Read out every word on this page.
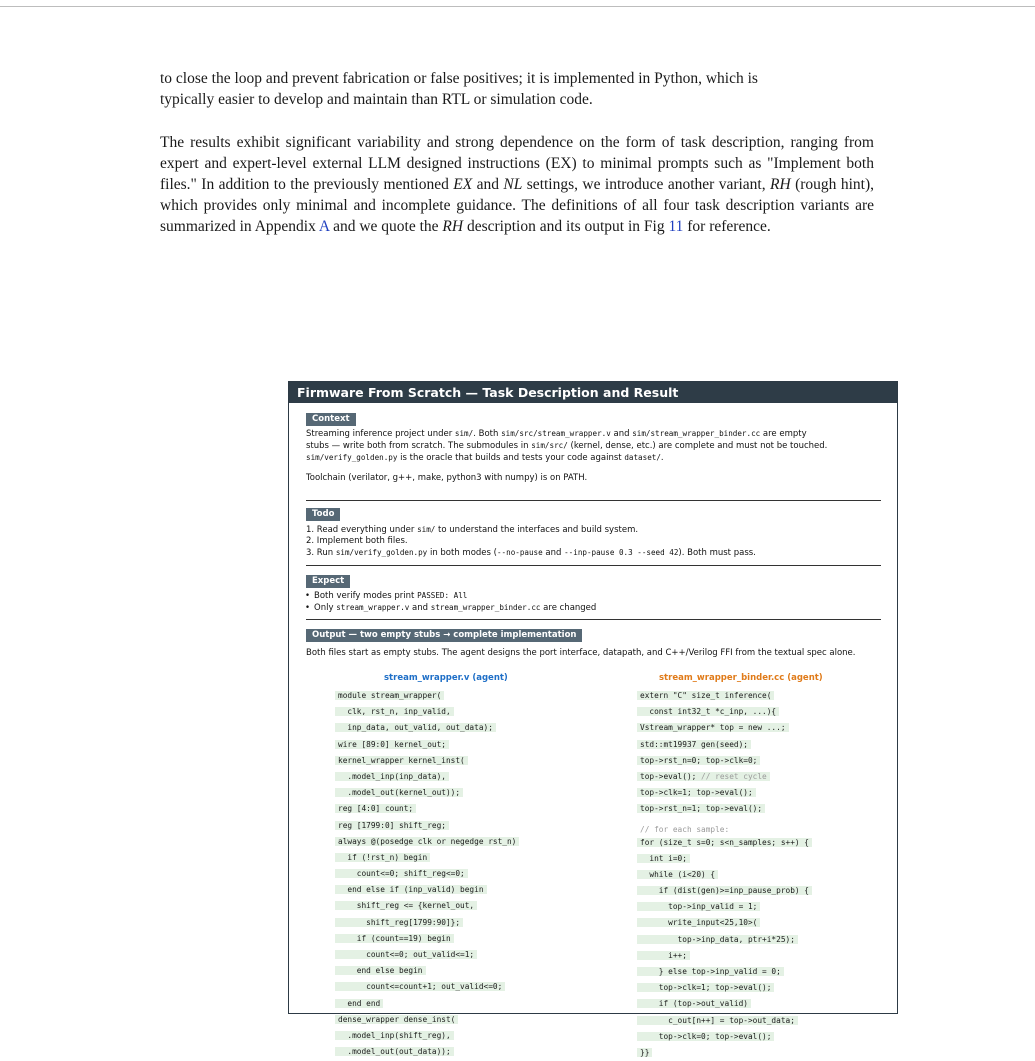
to close the loop and prevent fabrication or false positives; it is implemented in Python, which is

typically easier to develop and maintain than RTL or simulation code.

The results exhibit significant variability and strong dependence on the form of task description, ranging from expert and expert-level external LLM designed instructions (EX) to minimal prompts such as "Implement both files." In addition to the previously mentioned EX and NL settings, we introduce another variant, RH (rough hint), which provides only minimal and incomplete guidance. The definitions of all four task description variants are summarized in Appendix A and we quote the RH description and its output in Fig 11 for reference.

Firmware From Scratch — Task Description and Result
Context
Streaming inference project under sim/. Both sim/src/stream_wrapper.v and sim/stream_wrapper_binder.cc are empty
stubs — write both from scratch. The submodules in sim/src/ (kernel, dense, etc.) are complete and must not be touched.
sim/verify_golden.py is the oracle that builds and tests your code against dataset/.
Toolchain (verilator, g++, make, python3 with numpy) is on PATH.
Todo
1. Read everything under sim/ to understand the interfaces and build system.
2. Implement both files.
3. Run sim/verify_golden.py in both modes (--no-pause and --inp-pause 0.3 --seed 42). Both must pass.
Expect
• Both verify modes print PASSED: All
• Only stream_wrapper.v and stream_wrapper_binder.cc are changed
Output — two empty stubs → complete implementation
Both files start as empty stubs. The agent designs the port interface, datapath, and C++/Verilog FFI from the textual spec alone.
stream_wrapper.v (agent)	stream_wrapper_binder.cc (agent)
module stream_wrapper(
clk, rst_n, inp_valid,
inp_data, out_valid, out_data);
wire [89:0] kernel_out;
kernel_wrapper kernel_inst(
.model_inp(inp_data),
.model_out(kernel_out));
reg [4:0] count;
reg [1799:0] shift_reg;
always @(posedge clk or negedge rst_n)
if (!rst_n) begin
count<=0; shift_reg<=0;
end else if (inp_valid) begin
shift_reg <= {kernel_out,
shift_reg[1799:90]};
if (count==19) begin
count<=0; out_valid<=1;
end else begin
count<=count+1; out_valid<=0;
end end
dense_wrapper dense_inst(
.model_inp(shift_reg),
.model_out(out_data));
extern "C" size_t inference(
const int32_t *c_inp, ...){
Vstream_wrapper* top = new ...;
std::mt19937 gen(seed);
top->rst_n=0; top->clk=0;
top->eval(); // reset cycle
top->clk=1; top->eval();
top->rst_n=1; top->eval();
// for each sample:
for (size_t s=0; s<n_samples; s++) {
int i=0;
while (i<20) {
if (dist(gen)>=inp_pause_prob) {
top->inp_valid = 1;
write_input<25,10>(
top->inp_data, ptr+i*25);
i++;
} else top->inp_valid = 0;
top->clk=1; top->eval();
if (top->out_valid)
c_out[n++] = top->out_data;
top->clk=0; top->eval();
}}
